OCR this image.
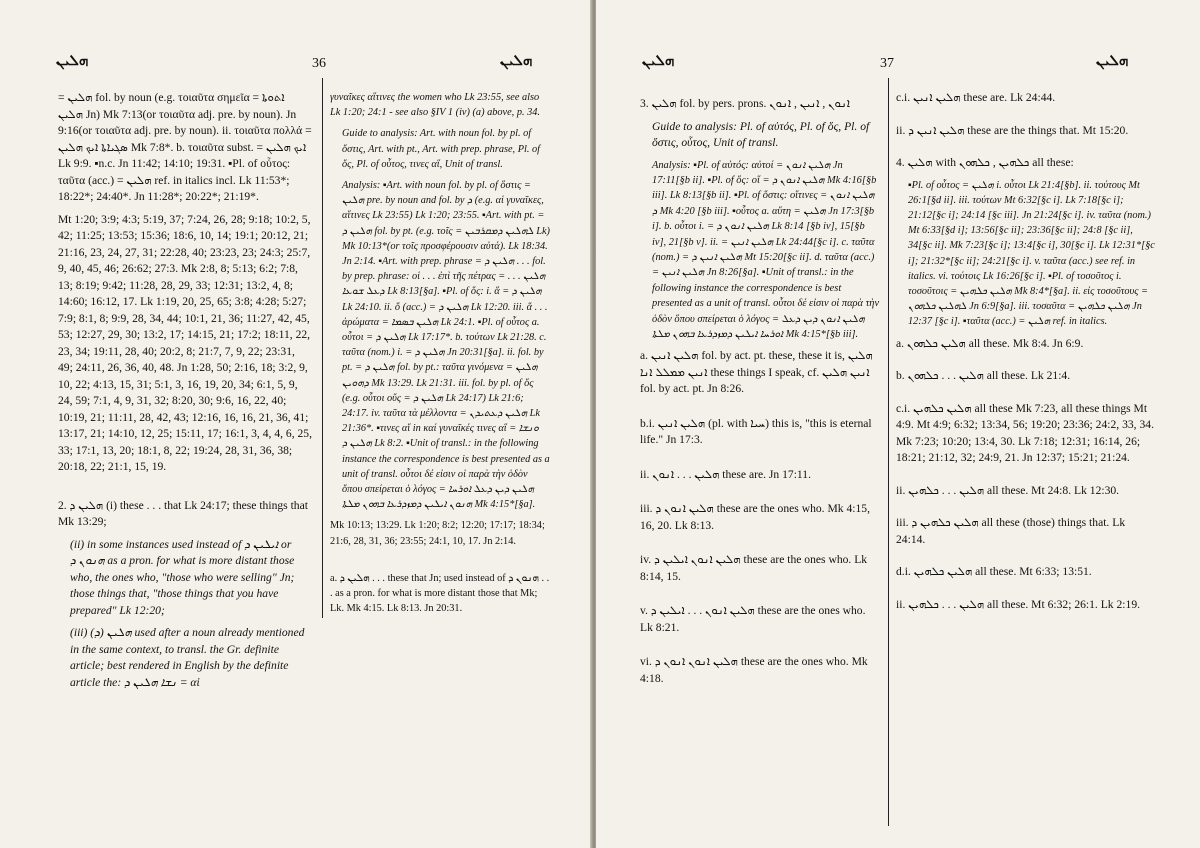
ܗܠܝܢ	36	ܗܠܝܢ

= ܗܠܝܢ fol. by noun (e.g. τοιαῦτα σημεῖα = ܐܬܘܬܐ ܗܠܝܢ Jn) Mk 7:13(or τοιαῦτα adj. pre. by noun). Jn 9:16(or τοιαῦτα adj. pre. by noun). ii. τοιαῦτα πολλά = ܣܓܝܐܬܐ ܐܝܟ ܗܠܝܢ Mk 7:8*. b. τοιαῦτα subst. = ܐܝܟ ܗܠܝܢ Lk 9:9. ▪n.c. Jn 11:42; 14:10; 19:31. ▪Pl. of οὗτος: ταῦτα (acc.) = ܗܠܝܢ ref. in italics incl. Lk 11:53*; 18:22*; 24:40*. Jn 11:28*; 20:22*; 21:19*.

Mt 1:20; 3:9; 4:3; 5:19, 37; 7:24, 26, 28; 9:18; 10:2, 5, 42; 11:25; 13:53; 15:36; 18:6, 10, 14; 19:1; 20:12, 21; 21:16, 23, 24, 27, 31; 22:28, 40; 23:23, 23; 24:3; 25:7, 9, 40, 45, 46; 26:62; 27:3. Mk 2:8, 8; 5:13; 6:2; 7:8, 13; 8:19; 9:42; 11:28, 28, 29, 33; 12:31; 13:2, 4, 8; 14:60; 16:12, 17. Lk 1:19, 20, 25, 65; 3:8; 4:28; 5:27; 7:9; 8:1, 8; 9:9, 28, 34, 44; 10:1, 21, 36; 11:27, 42, 45, 53; 12:27, 29, 30; 13:2, 17; 14:15, 21; 17:2; 18:11, 22, 23, 34; 19:11, 28, 40; 20:2, 8; 21:7, 7, 9, 22; 23:31, 49; 24:11, 26, 36, 40, 48. Jn 1:28, 50; 2:16, 18; 3:2, 9, 10, 22; 4:13, 15, 31; 5:1, 3, 16, 19, 20, 34; 6:1, 5, 9, 24, 59; 7:1, 4, 9, 31, 32; 8:20, 30; 9:6, 16, 22, 40; 10:19, 21; 11:11, 28, 42, 43; 12:16, 16, 16, 21, 36, 41; 13:17, 21; 14:10, 12, 25; 15:11, 17; 16:1, 3, 4, 4, 6, 25, 33; 17:1, 13, 20; 18:1, 8, 22; 19:24, 28, 31, 36, 38; 20:18, 22; 21:1, 15, 19.

2. ܗܠܝܢ ܕ (i) these . . . that Lk 24:17; these things that Mk 13:29;

(ii) in some instances used instead of ܐܝܠܝܢ ܕ or ܗܢܘܢ ܕ as a pron. for what is more distant those who, the ones who, "those who were selling" Jn; those things that, "those things that you have prepared" Lk 12:20;

(iii) (ܕ) ܗܠܝܢ used after a noun already mentioned in the same context, to transl. the Gr. definite article; best rendered in English by the definite article the: ܢܫܐ ܗܠܝܢ ܕ = αἱ

γυναῖκες αἵτινες the women who Lk 23:55, see also Lk 1:20; 24:1 - see also §IV 1 (iv) (a) above, p. 34.

Guide to analysis: Art. with noun fol. by pl. of ὅστις, Art. with pt., Art. with prep. phrase, Pl. of ὅς, Pl. of οὗτος, τινες αἵ, Unit of transl.

Analysis: ▪Art. with noun fol. by pl. of ὅστις = ܗܠܝܢ pre. by noun and fol. by ܕ (e.g. αἱ γυναῖκες, αἵτινες Lk 23:55) Lk 1:20; 23:55. ▪Art. with pt. = ܗܠܝܢ ܕ fol. by pt. (e.g. τοῖς = ܠܗܠܝܢ ܕܡܩܪܒܝܢ Lk) Mk 10:13*(or τοῖς προσφέρουσιν αὐτά). Lk 18:34. Jn 2:14. ▪Art. with prep. phrase = ܗܠܝܢ ܕ . . . fol. by prep. phrase: οἱ . . . ἐπὶ τῆς πέτρας = . . . ܗܠܝܢ ܕܥܠ ܫܘܥܐ Lk 8:13[§a]. ▪Pl. of ὅς: i. ἅ = ܗܠܝܢ ܕ Lk 24:10. ii. ὅ (acc.) = ܗܠܝܢ ܕ Lk 12:20. iii. ἅ . . . ἀρώματα = ܗܠܝܢ ܒܣܡܐ Lk 24:1. ▪Pl. of οὗτος a. οὗτοι = ܗܠܝܢ ܕ Lk 17:17*. b. τούτων Lk 21:28. c. ταῦτα (nom.) i. = ܗܠܝܢ ܕ Jn 20:31[§a]. ii. fol. by pt. = ܗܠܝܢ ܕ fol. by pt.: ταῦτα γινόμενα = ܗܠܝܢ ܕܗܘܝܢ Mk 13:29. Lk 21:31. iii. fol. by pl. of ὅς (e.g. οὗτοι οὕς = ܗܠܝܢ ܕ Lk 24:17) Lk 21:6; 24:17. iv. ταῦτα τὰ μέλλοντα = ܗܠܝܢ ܕܥܬܝܕܢ Lk 21:36*. ▪τινες αἵ in καί γυναῖκές τινες αἵ = ܘܢܫܐ ܗܠܝܢ ܕ Lk 8:2. ▪Unit of transl.: in the following instance the correspondence is best presented as a unit of transl. οὗτοι δέ εἰσιν οἱ παρὰ τὴν ὁδὸν ὅπου σπείρεται ὁ λόγος = ܗܠܝܢ ܕܝܢ ܕܥܠ ܐܘܪܚܐ ܗܢܘܢ ܐܝܠܝܢ ܕܡܙܕܪܥܐ ܒܗܘܢ ܡܠܬܐ Mk 4:15*[§a].

Mk 10:13; 13:29. Lk 1:20; 8:2; 12:20; 17:17; 18:34; 21:6, 28, 31, 36; 23:55; 24:1, 10, 17. Jn 2:14.

a. ܗܠܝܢ ܕ . . . these that Jn; used instead of ܗܢܘܢ ܕ . . . as a pron. for what is more distant those that Mk; Lk. Mk 4:15. Lk 8:13. Jn 20:31.

ܗܠܝܢ	37	ܗܠܝܢ

3. ܗܠܝܢ fol. by pers. prons. ܐܢܘܢ , ܐܢܝܢ , ܐܢܘܢ

Guide to analysis: Pl. of αὐτός, Pl. of ὅς, Pl. of ὅστις, οὗτος, Unit of transl.

Analysis: ▪Pl. of αὐτός: αὐτοί = ܗܠܝܢ ܐܢܘܢ Jn 17:11[§b ii]. ▪Pl. of ὅς: οἵ = ܗܠܝܢ ܐܢܘܢ ܕ Mk 4:16[§b iii]. Lk 8:13[§b ii]. ▪Pl. of ὅστις: οἵτινες = ܗܠܝܢ ܐܢܘܢ ܕ Mk 4:20 [§b iii]. ▪οὗτος a. αὕτη = ܗܠܝܢ Jn 17:3[§b i]. b. οὗτοι i. = ܗܠܝܢ ܐܢܘܢ ܕ Lk 8:14 [§b iv], 15[§b iv], 21[§b v]. ii. = ܗܠܝܢ ܐܢܝܢ Lk 24:44[§c i]. c. ταῦτα (nom.) = ܗܠܝܢ ܐܢܝܢ ܕ Mt 15:20[§c ii]. d. ταῦτα (acc.) = ܗܠܝܢ ܐܢܝܢ Jn 8:26[§a]. ▪Unit of transl.: in the following instance the correspondence is best presented as a unit of transl. οὗτοι δέ εἰσιν οἱ παρὰ τὴν ὁδὸν ὅπου σπείρεται ὁ λόγος = ܗܠܝܢ ܐܢܘܢ ܕܝܢ ܕܥܠ ܐܘܪܚܐ ܐܝܠܝܢ ܕܡܙܕܪܥܐ ܒܗܘܢ ܡܠܬܐ Mk 4:15*[§b iii].

a. ܗܠܝܢ ܐܢܝܢ fol. by act. pt. these, these it is, ܗܠܝܢ ܐܢܝܢ ܡܡܠܠ ܐܢܐ these things I speak, cf. ܐܢܝܢ ܗܠܝܢ fol. by act. pt. Jn 8:26.

b.i. ܗܠܝܢ ܐܢܝܢ (pl. with ܚܝܐ) this is, "this is eternal life." Jn 17:3.

ii. ܗܠܝܢ . . . ܐܢܘܢ these are. Jn 17:11.

iii. ܗܠܝܢ ܐܢܘܢ ܕ these are the ones who. Mk 4:15, 16, 20. Lk 8:13.

iv. ܗܠܝܢ ܐܢܘܢ ܐܝܠܝܢ ܕ these are the ones who. Lk 8:14, 15.

v. ܗܠܝܢ ܐܢܘܢ . . . ܐܝܠܝܢ ܕ these are the ones who. Lk 8:21.

vi. ܗܠܝܢ ܐܢܘܢ ܐܢܘܢ ܕ these are the ones who. Mk 4:18.

c.i. ܗܠܝܢ ܐܢܝܢ these are. Lk 24:44.

ii. ܗܠܝܢ ܐܢܝܢ ܕ these are the things that. Mt 15:20.

4. ܗܠܝܢ with ܟܠܗܝܢ , ܟܠܗܘܢ all these:

▪Pl. of οὗτος = ܗܠܝܢ i. οὗτοι Lk 21:4[§b]. ii. τούτους Mt 26:1[§d ii]. iii. τούτων Mt 6:32[§c i]. Lk 7:18[§c i]; 21:12[§c i]; 24:14 [§c iii]. Jn 21:24[§c i]. iv. ταῦτα (nom.) Mt 6:33[§d i]; 13:56[§c ii]; 23:36[§c ii]; 24:8 [§c ii], 34[§c ii]. Mk 7:23[§c i]; 13:4[§c i], 30[§c i]. Lk 12:31*[§c i]; 21:32*[§c ii]; 24:21[§c i]. v. ταῦτα (acc.) see ref. in italics. vi. τούτοις Lk 16:26[§c i]. ▪Pl. of τοσοῦτος i. τοσοῦτοις = ܗܠܝܢ ܟܠܗܝܢ Mk 8:4*[§a]. ii. εἰς τοσοῦτους = ܠܗܠܝܢ ܟܠܗܘܢ Jn 6:9[§a]. iii. τοσαῦτα = ܗܠܝܢ ܟܠܗܝܢ Jn 12:37 [§c i]. ▪ταῦτα (acc.) = ܗܠܝܢ ref. in italics.

a. ܗܠܝܢ ܟܠܗܘܢ all these. Mk 8:4. Jn 6:9.

b. ܗܠܝܢ . . . ܟܠܗܘܢ all these. Lk 21:4.

c.i. ܗܠܝܢ ܟܠܗܝܢ all these Mk 7:23, all these things Mt 4:9. Mt 4:9; 6:32; 13:34, 56; 19:20; 23:36; 24:2, 33, 34. Mk 7:23; 10:20; 13:4, 30. Lk 7:18; 12:31; 16:14, 26; 18:21; 21:12, 32; 24:9, 21. Jn 12:37; 15:21; 21:24.

ii. ܗܠܝܢ . . . ܟܠܗܝܢ all these. Mt 24:8. Lk 12:30.

iii. ܗܠܝܢ ܟܠܗܝܢ ܕ all these (those) things that. Lk 24:14.

d.i. ܗܠܝܢ ܟܠܗܝܢ all these. Mt 6:33; 13:51.

ii. ܗܠܝܢ . . . ܟܠܗܝܢ all these. Mt 6:32; 26:1. Lk 2:19.
